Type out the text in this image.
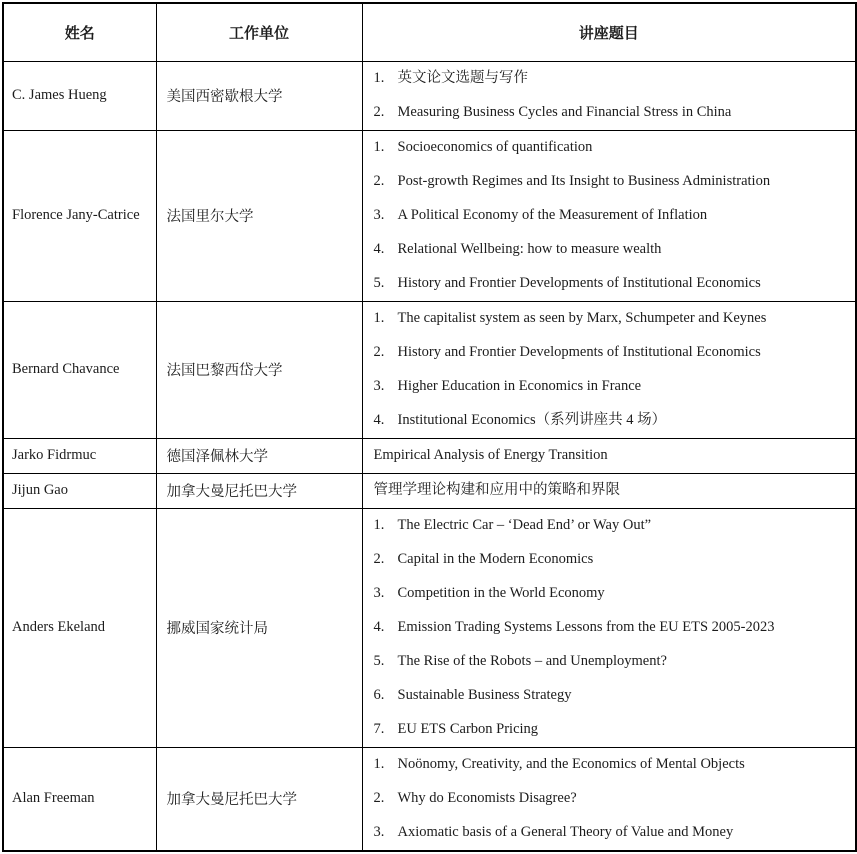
姓名	工作单位	讲座题目
C. James Hueng	美国西密歇根大学	1. 英文论文选题与写作
2. Measuring Business Cycles and Financial Stress in China

Florence Jany-Catrice	法国里尔大学	
1. Socioeconomics of quantification
2. Post-growth Regimes and Its Insight to Business Administration
3. A Political Economy of the Measurement of Inflation
4. Relational Wellbeing: how to measure wealth
5. History and Frontier Developments of Institutional Economics

Bernard Chavance	法国巴黎西岱大学	
1. The capitalist system as seen by Marx, Schumpeter and Keynes
2. History and Frontier Developments of Institutional Economics
3. Higher Education in Economics in France
4. Institutional Economics（系列讲座共 4 场）

Jarko Fidrmuc	德国泽佩林大学	Empirical Analysis of Energy Transition

Jijun Gao	加拿大曼尼托巴大学	管理学理论构建和应用中的策略和界限

Anders Ekeland	挪威国家统计局	
1. The Electric Car – ‘Dead End’ or Way Out”
2. Capital in the Modern Economics
3. Competition in the World Economy
4. Emission Trading Systems Lessons from the EU ETS 2005-2023
5. The Rise of the Robots – and Unemployment?
6. Sustainable Business Strategy
7. EU ETS Carbon Pricing

Alan Freeman	加拿大曼尼托巴大学	
1. Noönomy, Creativity, and the Economics of Mental Objects
2. Why do Economists Disagree?
3. Axiomatic basis of a General Theory of Value and Money
